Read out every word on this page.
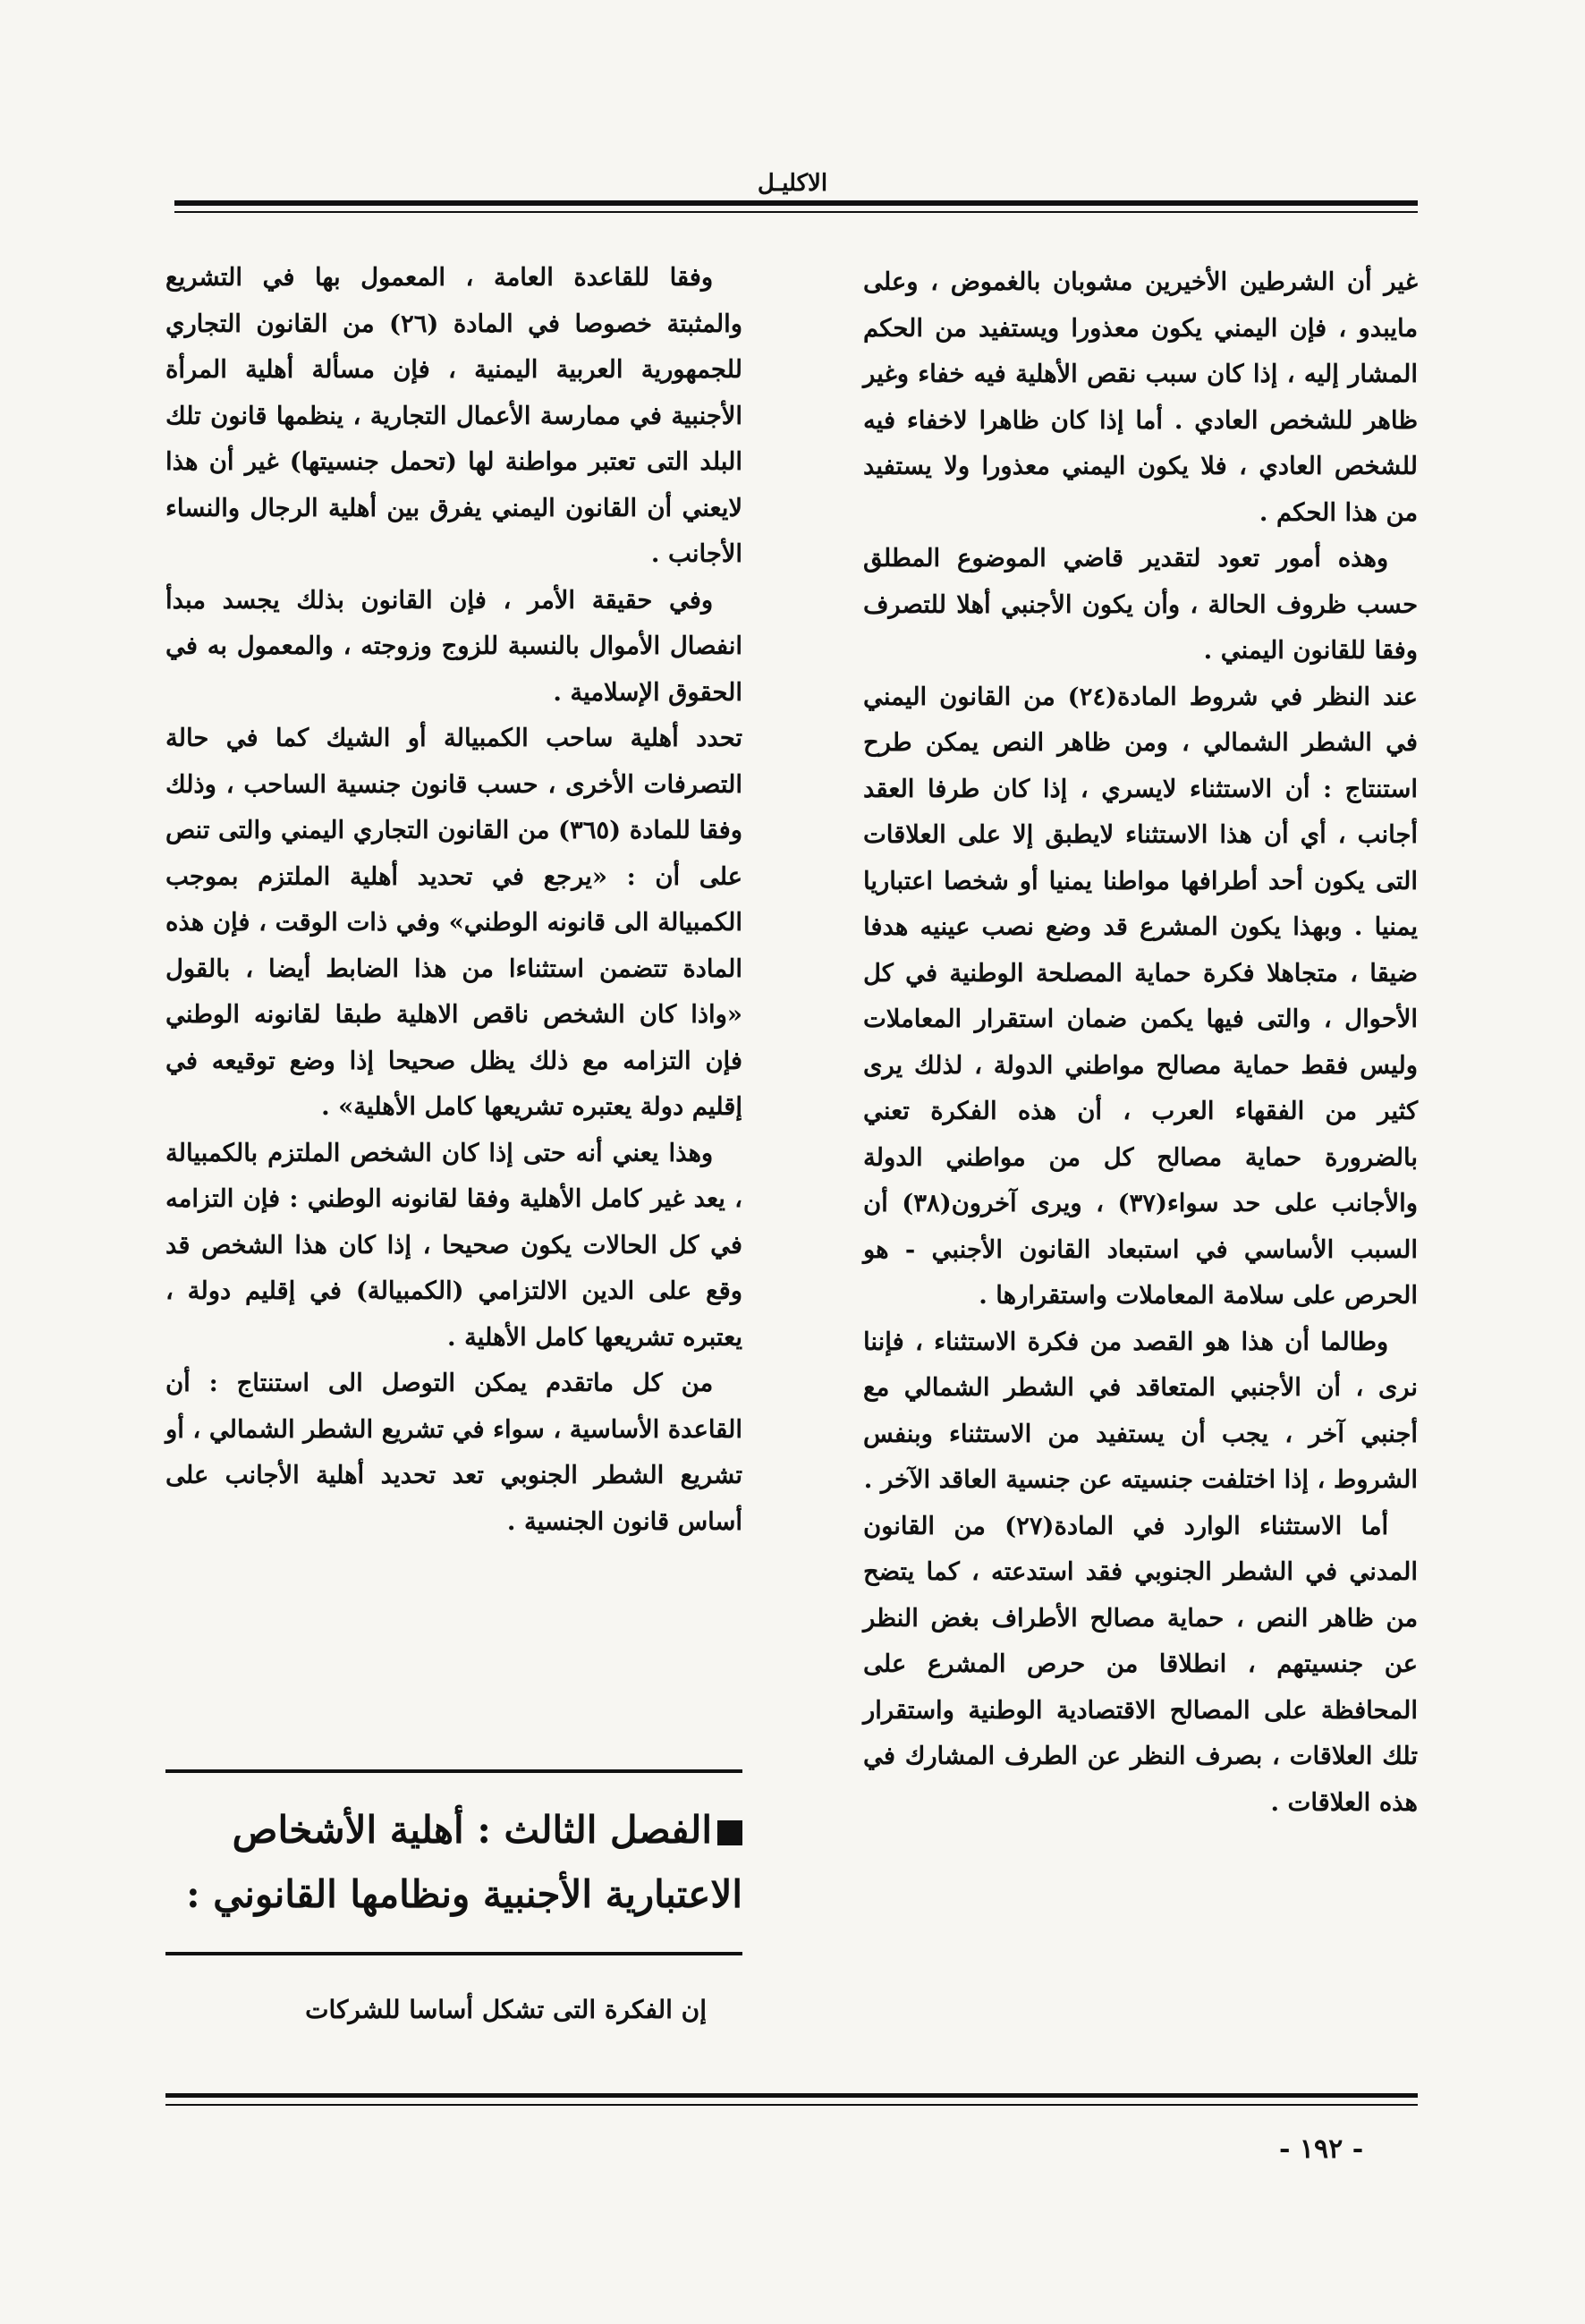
الاكليـل

غير أن الشرطين الأخيرين مشوبان بالغموض ، وعلى مايبدو ، فإن اليمني يكون معذورا ويستفيد من الحكم المشار إليه ، إذا كان سبب نقص الأهلية فيه خفاء وغير ظاهر للشخص العادي . أما إذا كان ظاهرا لاخفاء فيه للشخص العادي ، فلا يكون اليمني معذورا ولا يستفيد من هذا الحكم .

وهذه أمور تعود لتقدير قاضي الموضوع المطلق حسب ظروف الحالة ، وأن يكون الأجنبي أهلا للتصرف وفقا للقانون اليمني .

عند النظر في شروط المادة(٢٤) من القانون اليمني في الشطر الشمالي ، ومن ظاهر النص يمكن طرح استنتاج : أن الاستثناء لايسري ، إذا كان طرفا العقد أجانب ، أي أن هذا الاستثناء لايطبق إلا على العلاقات التى يكون أحد أطرافها مواطنا يمنيا أو شخصا اعتباريا يمنيا . وبهذا يكون المشرع قد وضع نصب عينيه هدفا ضيقا ، متجاهلا فكرة حماية المصلحة الوطنية في كل الأحوال ، والتى فيها يكمن ضمان استقرار المعاملات وليس فقط حماية مصالح مواطني الدولة ، لذلك يرى كثير من الفقهاء العرب ، أن هذه الفكرة تعني بالضرورة حماية مصالح كل من مواطني الدولة والأجانب على حد سواء(٣٧) ، ويرى آخرون(٣٨) أن السبب الأساسي في استبعاد القانون الأجنبي - هو الحرص على سلامة المعاملات واستقرارها .

وطالما أن هذا هو القصد من فكرة الاستثناء ، فإننا نرى ، أن الأجنبي المتعاقد في الشطر الشمالي مع أجنبي آخر ، يجب أن يستفيد من الاستثناء وبنفس الشروط ، إذا اختلفت جنسيته عن جنسية العاقد الآخر .

أما الاستثناء الوارد في المادة(٢٧) من القانون المدني في الشطر الجنوبي فقد استدعته ، كما يتضح من ظاهر النص ، حماية مصالح الأطراف بغض النظر عن جنسيتهم ، انطلاقا من حرص المشرع على المحافظة على المصالح الاقتصادية الوطنية واستقرار تلك العلاقات ، بصرف النظر عن الطرف المشارك في هذه العلاقات .

وفقا للقاعدة العامة ، المعمول بها في التشريع والمثبتة خصوصا في المادة (٢٦) من القانون التجاري للجمهورية العربية اليمنية ، فإن مسألة أهلية المرأة الأجنبية في ممارسة الأعمال التجارية ، ينظمها قانون تلك البلد التى تعتبر مواطنة لها (تحمل جنسيتها) غير أن هذا لايعني أن القانون اليمني يفرق بين أهلية الرجال والنساء الأجانب .

وفي حقيقة الأمر ، فإن القانون بذلك يجسد مبدأ انفصال الأموال بالنسبة للزوج وزوجته ، والمعمول به في الحقوق الإسلامية .

تحدد أهلية ساحب الكمبيالة أو الشيك كما في حالة التصرفات الأخرى ، حسب قانون جنسية الساحب ، وذلك وفقا للمادة (٣٦٥) من القانون التجاري اليمني والتى تنص على أن : «يرجع في تحديد أهلية الملتزم بموجب الكمبيالة الى قانونه الوطني» وفي ذات الوقت ، فإن هذه المادة تتضمن استثناءا من هذا الضابط أيضا ، بالقول «واذا كان الشخص ناقص الاهلية طبقا لقانونه الوطني فإن التزامه مع ذلك يظل صحيحا إذا وضع توقيعه في إقليم دولة يعتبره تشريعها كامل الأهلية» .

وهذا يعني أنه حتى إذا كان الشخص الملتزم بالكمبيالة ، يعد غير كامل الأهلية وفقا لقانونه الوطني : فإن التزامه في كل الحالات يكون صحيحا ، إذا كان هذا الشخص قد وقع على الدين الالتزامي (الكمبيالة) في إقليم دولة ، يعتبره تشريعها كامل الأهلية .

من كل ماتقدم يمكن التوصل الى استنتاج : أن القاعدة الأساسية ، سواء في تشريع الشطر الشمالي ، أو تشريع الشطر الجنوبي تعد تحديد أهلية الأجانب على أساس قانون الجنسية .

الفصل الثالث : أهلية الأشخاص الاعتبارية الأجنبية ونظامها القانوني :
إن الفكرة التى تشكل أساسا للشركات
- ١٩٢ -
